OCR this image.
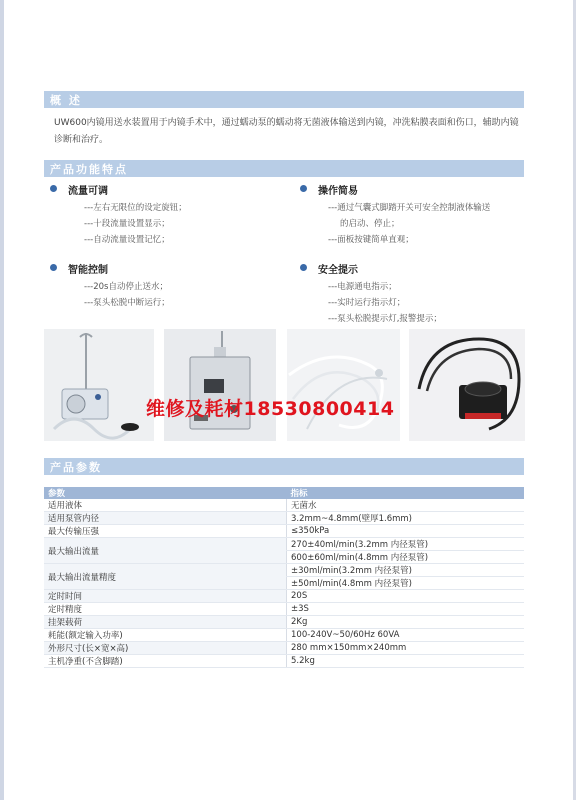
概 述
UW600内镜用送水装置用于内镜手术中，通过蠕动泵的蠕动将无菌液体输送到内镜，冲洗粘膜表面和伤口，辅助内镜诊断和治疗。
产品功能特点
流量可调
---左右无限位的设定旋钮；
---十段流量设置显示；
---自动流量设置记忆；
操作简易
---通过气囊式脚踏开关可安全控制液体输送
的启动、停止；
---面板按键简单直观；
智能控制
---20s自动停止送水；
---泵头松脱中断运行；
安全提示
---电源通电指示；
---实时运行指示灯；
---泵头松脱提示灯,报警提示；
维修及耗材18530800414
产品参数
参数	指标
适用液体	无菌水
适用泵管内径	3.2mm~4.8mm(壁厚1.6mm)
最大传输压强	≤350kPa
最大输出流量	270±40ml/min(3.2mm 内径泵管)
	600±60ml/min(4.8mm 内径泵管)
最大输出流量精度	±30ml/min(3.2mm 内径泵管)
	±50ml/min(4.8mm 内径泵管)
定时时间	20S
定时精度	±3S
挂架载荷	2Kg
耗能(额定输入功率)	100-240V~50/60Hz 60VA
外形尺寸(长×宽×高)	280 mm×150mm×240mm
主机净重(不含脚踏)	5.2kg
